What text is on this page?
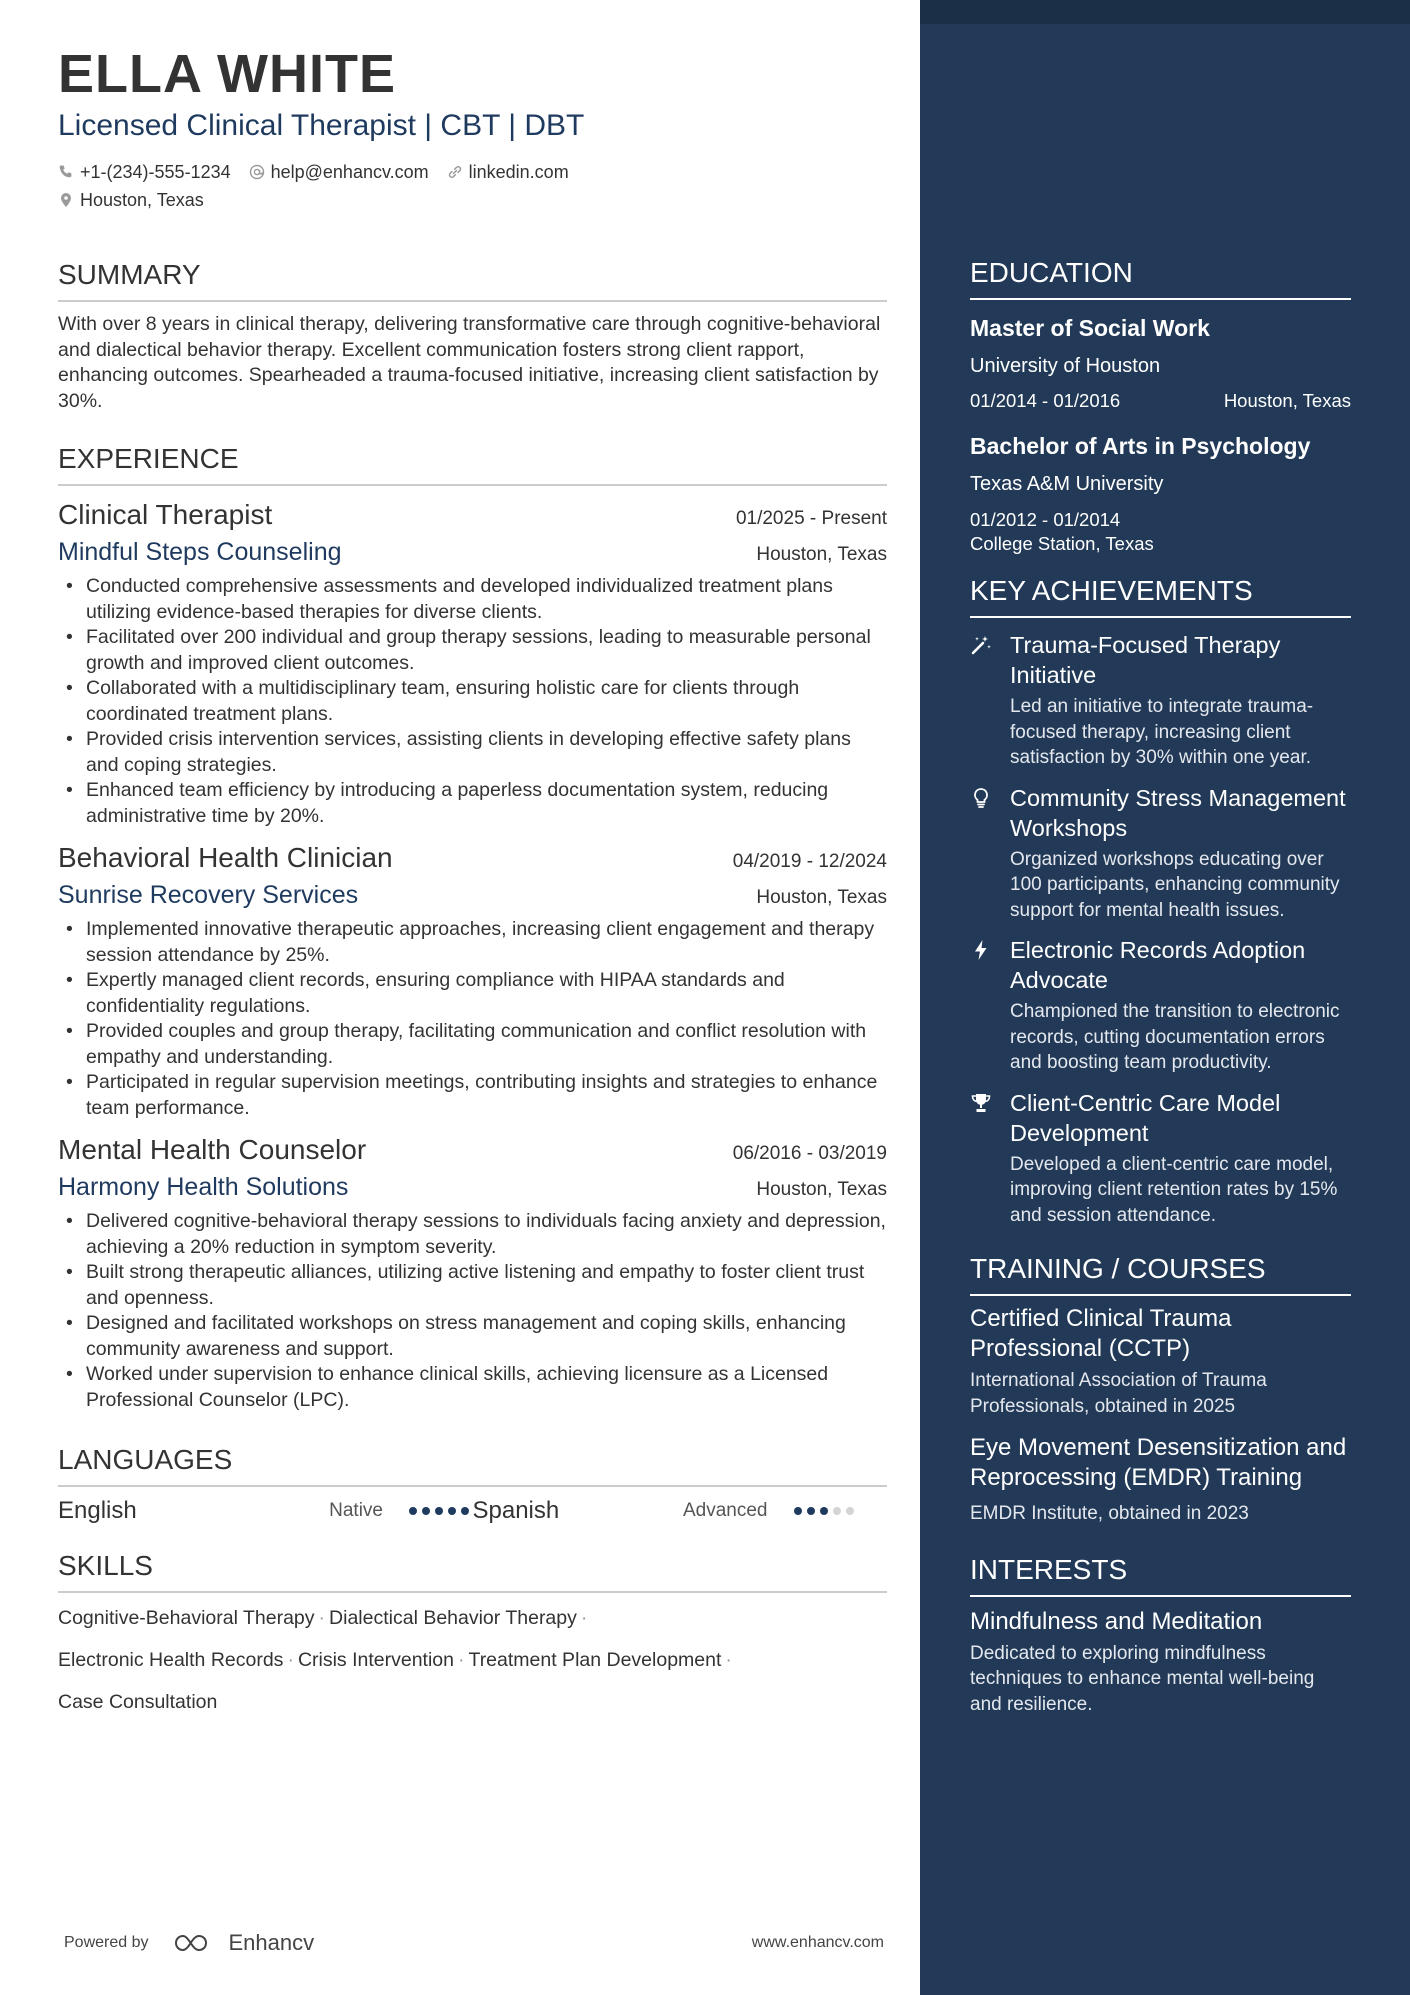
ELLA WHITE
Licensed Clinical Therapist | CBT | DBT
+1-(234)-555-1234 help@enhancv.com linkedin.com
Houston, Texas
SUMMARY

With over 8 years in clinical therapy, delivering transformative care through cognitive-behavioral and dialectical behavior therapy. Excellent communication fosters strong client rapport, enhancing outcomes. Spearheaded a trauma-focused initiative, increasing client satisfaction by 30%.

EXPERIENCE
Clinical Therapist	01/2025 - Present
Mindful Steps Counseling	Houston, Texas
• Conducted comprehensive assessments and developed individualized treatment plans utilizing evidence-based therapies for diverse clients.
• Facilitated over 200 individual and group therapy sessions, leading to measurable personal growth and improved client outcomes.
• Collaborated with a multidisciplinary team, ensuring holistic care for clients through coordinated treatment plans.
• Provided crisis intervention services, assisting clients in developing effective safety plans and coping strategies.
• Enhanced team efficiency by introducing a paperless documentation system, reducing administrative time by 20%.
Behavioral Health Clinician	04/2019 - 12/2024
Sunrise Recovery Services	Houston, Texas
• Implemented innovative therapeutic approaches, increasing client engagement and therapy session attendance by 25%.
• Expertly managed client records, ensuring compliance with HIPAA standards and confidentiality regulations.
• Provided couples and group therapy, facilitating communication and conflict resolution with empathy and understanding.
• Participated in regular supervision meetings, contributing insights and strategies to enhance team performance.
Mental Health Counselor	06/2016 - 03/2019
Harmony Health Solutions	Houston, Texas
• Delivered cognitive-behavioral therapy sessions to individuals facing anxiety and depression, achieving a 20% reduction in symptom severity.
• Built strong therapeutic alliances, utilizing active listening and empathy to foster client trust and openness.
• Designed and facilitated workshops on stress management and coping skills, enhancing community awareness and support.
• Worked under supervision to enhance clinical skills, achieving licensure as a Licensed Professional Counselor (LPC).
LANGUAGES
English	Native	Spanish	Advanced
SKILLS
Cognitive-Behavioral Therapy · Dialectical Behavior Therapy ·
Electronic Health Records · Crisis Intervention · Treatment Plan Development ·
Case Consultation
Powered by	Enhancv	www.enhancv.com
EDUCATION
Master of Social Work
University of Houston
01/2014 - 01/2016	Houston, Texas
Bachelor of Arts in Psychology
Texas A&M University
01/2012 - 01/2014
College Station, Texas
KEY ACHIEVEMENTS
Trauma-Focused Therapy Initiative
Led an initiative to integrate trauma-focused therapy, increasing client satisfaction by 30% within one year.
Community Stress Management Workshops
Organized workshops educating over 100 participants, enhancing community support for mental health issues.
Electronic Records Adoption Advocate
Championed the transition to electronic records, cutting documentation errors and boosting team productivity.
Client-Centric Care Model Development
Developed a client-centric care model, improving client retention rates by 15% and session attendance.
TRAINING / COURSES
Certified Clinical Trauma Professional (CCTP)
International Association of Trauma Professionals, obtained in 2025
Eye Movement Desensitization and Reprocessing (EMDR) Training
EMDR Institute, obtained in 2023
INTERESTS
Mindfulness and Meditation
Dedicated to exploring mindfulness techniques to enhance mental well-being and resilience.
